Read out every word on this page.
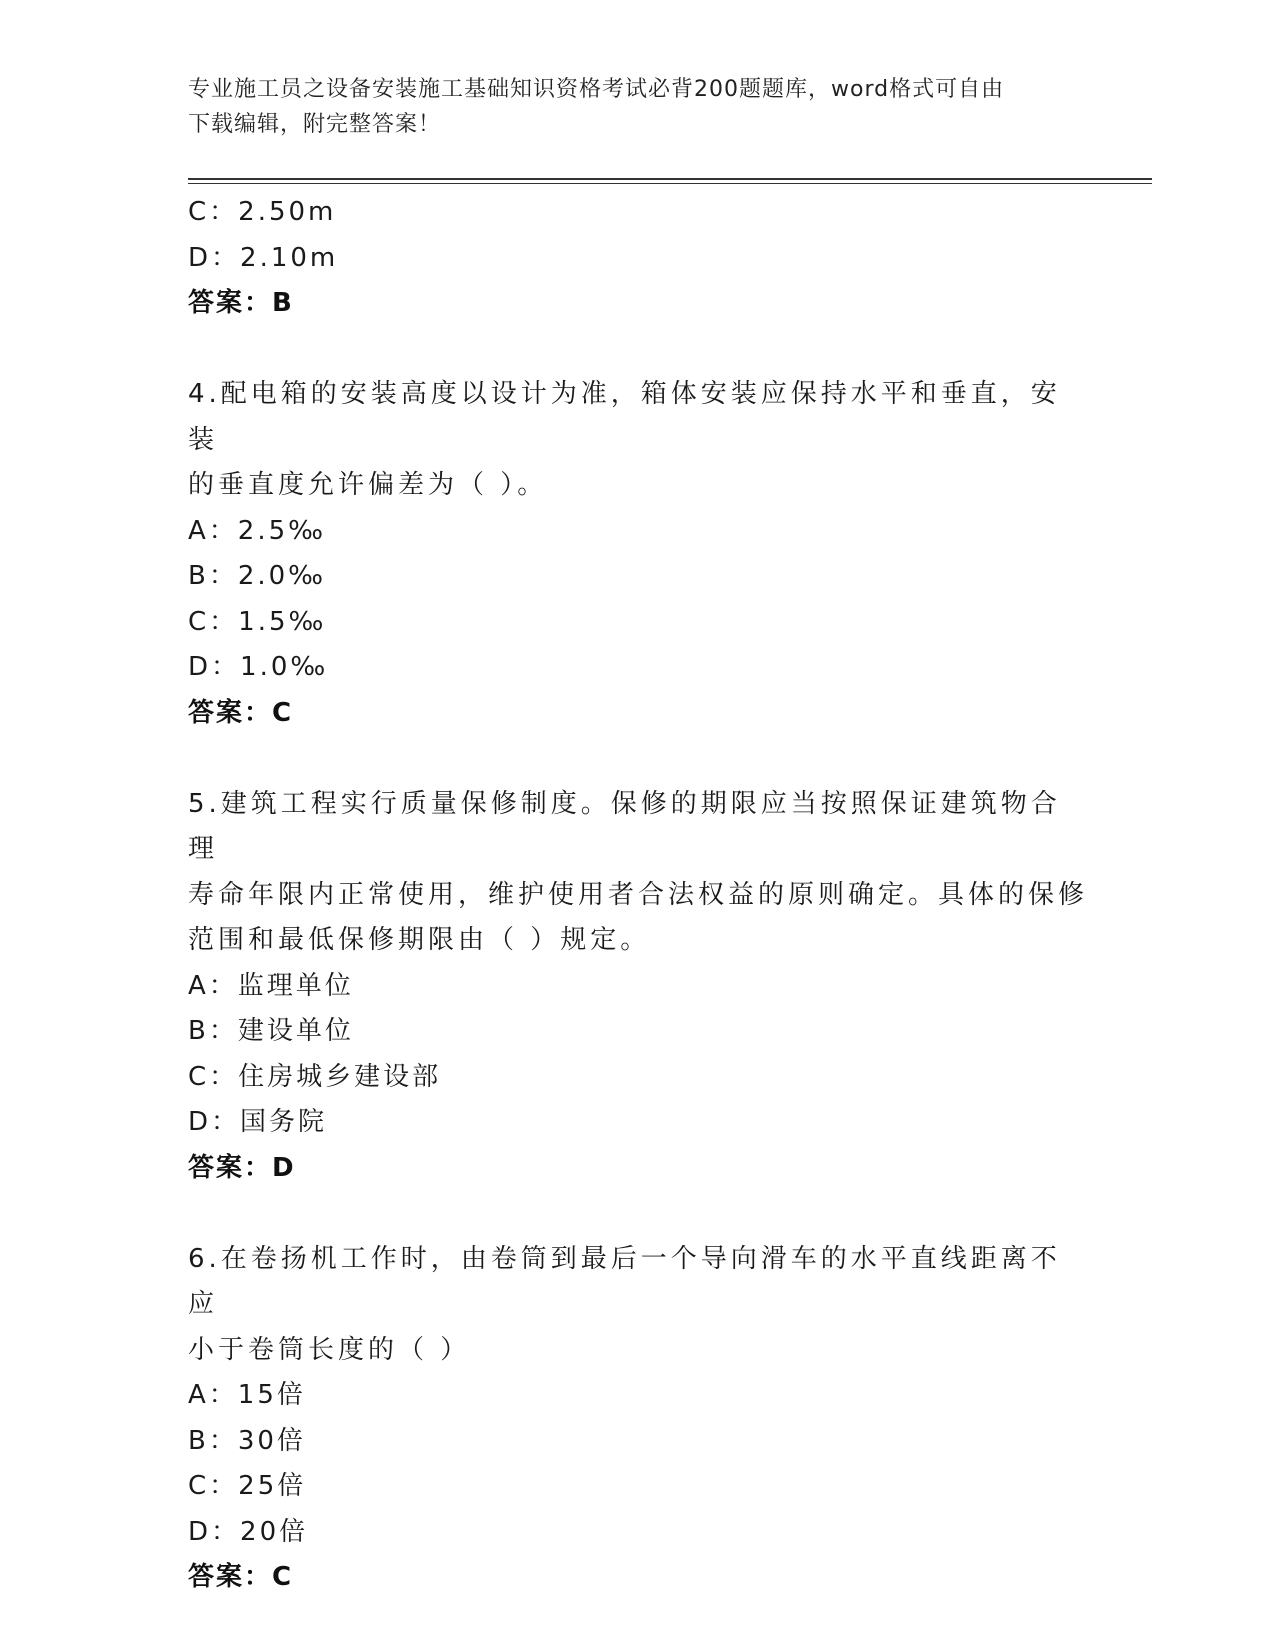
专业施工员之设备安装施工基础知识资格考试必背200题题库，word格式可自由
下载编辑，附完整答案！
C：2.50m
D：2.10m
答案：B
4.配电箱的安装高度以设计为准，箱体安装应保持水平和垂直，安装
的垂直度允许偏差为（ ）。
A：2.5‰
B：2.0‰
C：1.5‰
D：1.0‰
答案：C
5.建筑工程实行质量保修制度。保修的期限应当按照保证建筑物合理
寿命年限内正常使用，维护使用者合法权益的原则确定。具体的保修
范围和最低保修期限由（ ）规定。
A：监理单位
B：建设单位
C：住房城乡建设部
D：国务院
答案：D
6.在卷扬机工作时，由卷筒到最后一个导向滑车的水平直线距离不应
小于卷筒长度的（ ）
A：15倍
B：30倍
C：25倍
D：20倍
答案：C
